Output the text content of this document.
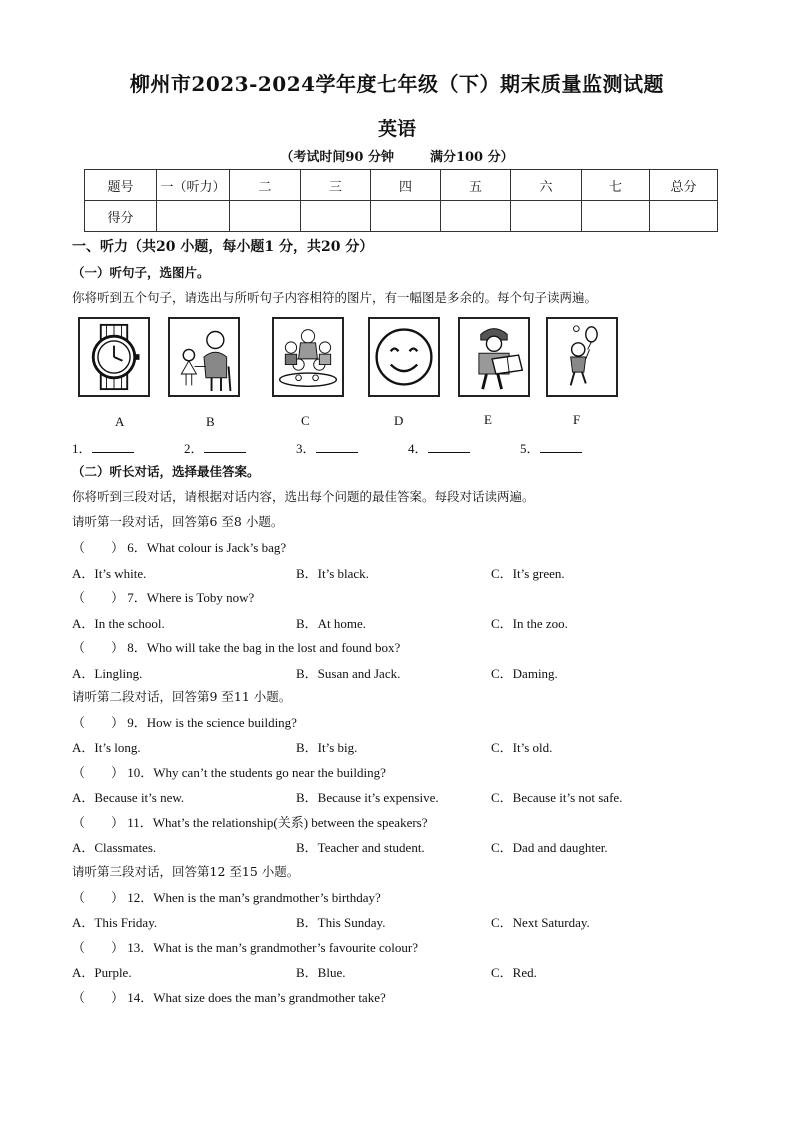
柳州市2023-2024学年度七年级（下）期末质量监测试题
英语
（考试时间90 分钟	满分100 分）
题号	一（听力）	二	三	四	五	六	七	总分
得分								
一、听力（共20 小题，每小题1 分，共20 分）
（一）听句子，选图片。
你将听到五个句子，请选出与所听句子内容相符的图片，有一幅图是多余的。每个句子读两遍。
A	B	C	D	E	F
1．	2．	3．	4．	5．
（二）听长对话，选择最佳答案。
你将听到三段对话，请根据对话内容，选出每个问题的最佳答案。每段对话读两遍。
请听第一段对话，回答第6 至8 小题。
（　　） 6．What colour is Jack’s bag?
A．It’s white.	B．It’s black.	C．It’s green.
（　　） 7．Where is Toby now?
A．In the school.	B．At home.	C．In the zoo.
（　　） 8．Who will take the bag in the lost and found box?
A．Lingling.	B．Susan and Jack.	C．Daming.
请听第二段对话，回答第9 至11 小题。
（　　） 9．How is the science building?
A．It’s long.	B．It’s big.	C．It’s old.
（　　） 10．Why can’t the students go near the building?
A．Because it’s new.	B．Because it’s expensive.	C．Because it’s not safe.
（　　） 11．What’s the relationship(关系) between the speakers?
A．Classmates.	B．Teacher and student.	C．Dad and daughter.
请听第三段对话，回答第12 至15 小题。
（　　） 12．When is the man’s grandmother’s birthday?
A．This Friday.	B．This Sunday.	C．Next Saturday.
（　　） 13．What is the man’s grandmother’s favourite colour?
A．Purple.	B．Blue.	C．Red.
（　　） 14．What size does the man’s grandmother take?
